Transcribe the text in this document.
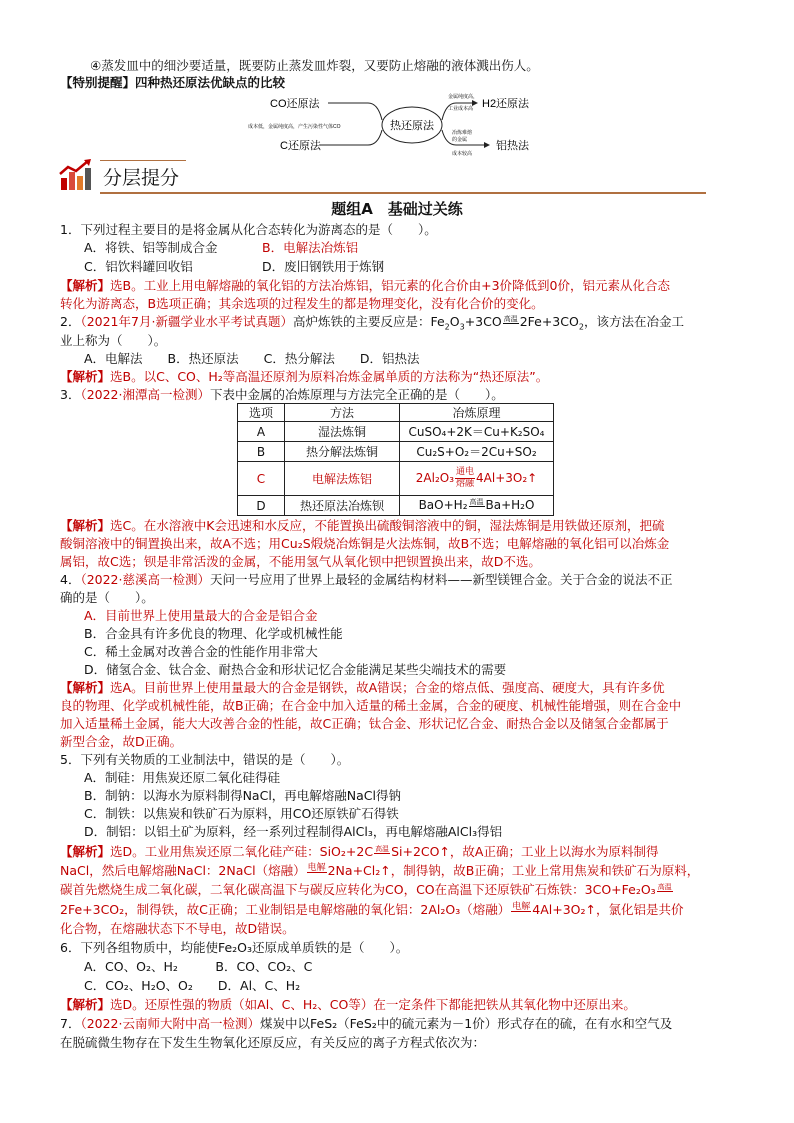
④蒸发皿中的细沙要适量，既要防止蒸发皿炸裂，又要防止熔融的液体溅出伤人。
【特别提醒】四种热还原法优缺点的比较
热还原法
CO还原法
C还原法
成本低，金属纯度高，产生污染性气体CO
金属纯度高，
工业成本高 H2还原法
冶炼难熔
的金属
成本较高
铝热法
分层提分
题组A　基础过关练
1．下列过程主要目的是将金属从化合态转化为游离态的是（　　）。
A．将铁、铝等制成合金	B．电解法冶炼铝
C．铝饮料罐回收铝	D．废旧钢铁用于炼钢
【解析】选B。工业上用电解熔融的氧化铝的方法冶炼铝，铝元素的化合价由+3价降低到0价，铝元素从化合态
转化为游离态，B选项正确；其余选项的过程发生的都是物理变化，没有化合价的变化。
2．（2021年7月·新疆学业水平考试真题）高炉炼铁的主要反应是：$Fe_2O_3+3CO$ 高温 $2Fe+3CO_2$，该方法在冶金工
业上称为（　　）。
A．电解法　　B．热还原法　　C．热分解法　　D．铝热法
【解析】选B。以C、CO、H₂等高温还原剂为原料冶炼金属单质的方法称为“热还原法”。
3．（2022·湘潭高一检测）下表中金属的冶炼原理与方法完全正确的是（　　）。
选项	方法	冶炼原理
A	湿法炼铜	CuSO₄+2K＝Cu+K₂SO₄
B	热分解法炼铜	Cu₂S+O₂＝2Cu+SO₂
C	电解法炼铝	2Al₂O₃ 通电
熔融 4Al+3O₂↑
D	热还原法冶炼钡	BaO+H₂ 高温 Ba+H₂O
【解析】选C。在水溶液中K会迅速和水反应，不能置换出硫酸铜溶液中的铜，湿法炼铜是用铁做还原剂，把硫
酸铜溶液中的铜置换出来，故A不选；用Cu₂S煅烧冶炼铜是火法炼铜，故B不选；电解熔融的氧化铝可以冶炼金
属铝，故C选；钡是非常活泼的金属，不能用氢气从氧化钡中把钡置换出来，故D不选。
4．（2022·慈溪高一检测）天问一号应用了世界上最轻的金属结构材料——新型镁锂合金。关于合金的说法不正
确的是（　　）。
A．目前世界上使用量最大的合金是铝合金
B．合金具有许多优良的物理、化学或机械性能
C．稀土金属对改善合金的性能作用非常大
D．储氢合金、钛合金、耐热合金和形状记忆合金能满足某些尖端技术的需要
【解析】选A。目前世界上使用量最大的合金是钢铁，故A错误；合金的熔点低、强度高、硬度大，具有许多优
良的物理、化学或机械性能，故B正确；在合金中加入适量的稀土金属，合金的硬度、机械性能增强，则在合金中
加入适量稀土金属，能大大改善合金的性能，故C正确；钛合金、形状记忆合金、耐热合金以及储氢合金都属于
新型合金，故D正确。
5．下列有关物质的工业制法中，错误的是（　　）。
A．制硅：用焦炭还原二氧化硅得硅
B．制钠：以海水为原料制得NaCl，再电解熔融NaCl得钠
C．制铁：以焦炭和铁矿石为原料，用CO还原铁矿石得铁
D．制铝：以铝土矿为原料，经一系列过程制得AlCl₃，再电解熔融AlCl₃得铝
【解析】选D。工业用焦炭还原二氧化硅产硅：SiO₂+2C 高温 Si+2CO↑，故A正确；工业上以海水为原料制得
NaCl，然后电解熔融NaCl：2NaCl（熔融） 电解 2Na+Cl₂↑，制得钠，故B正确；工业上常用焦炭和铁矿石为原料，
碳首先燃烧生成二氧化碳，二氧化碳高温下与碳反应转化为CO，CO在高温下还原铁矿石炼铁：3CO+Fe₂O₃ 高温
2Fe+3CO₂，制得铁，故C正确；工业制铝是电解熔融的氧化铝：2Al₂O₃（熔融） 电解 4Al+3O₂↑，氯化铝是共价
化合物，在熔融状态下不导电，故D错误。
6．下列各组物质中，均能使Fe₂O₃还原成单质铁的是（　　）。
A．CO、O₂、H₂　　　B．CO、CO₂、C
C．CO₂、H₂O、O₂　　D．Al、C、H₂
【解析】选D。还原性强的物质（如Al、C、H₂、CO等）在一定条件下都能把铁从其氧化物中还原出来。
7．（2022·云南师大附中高一检测）煤炭中以FeS₂（FeS₂中的硫元素为－1价）形式存在的硫，在有水和空气及
在脱硫微生物存在下发生生物氧化还原反应，有关反应的离子方程式依次为：
